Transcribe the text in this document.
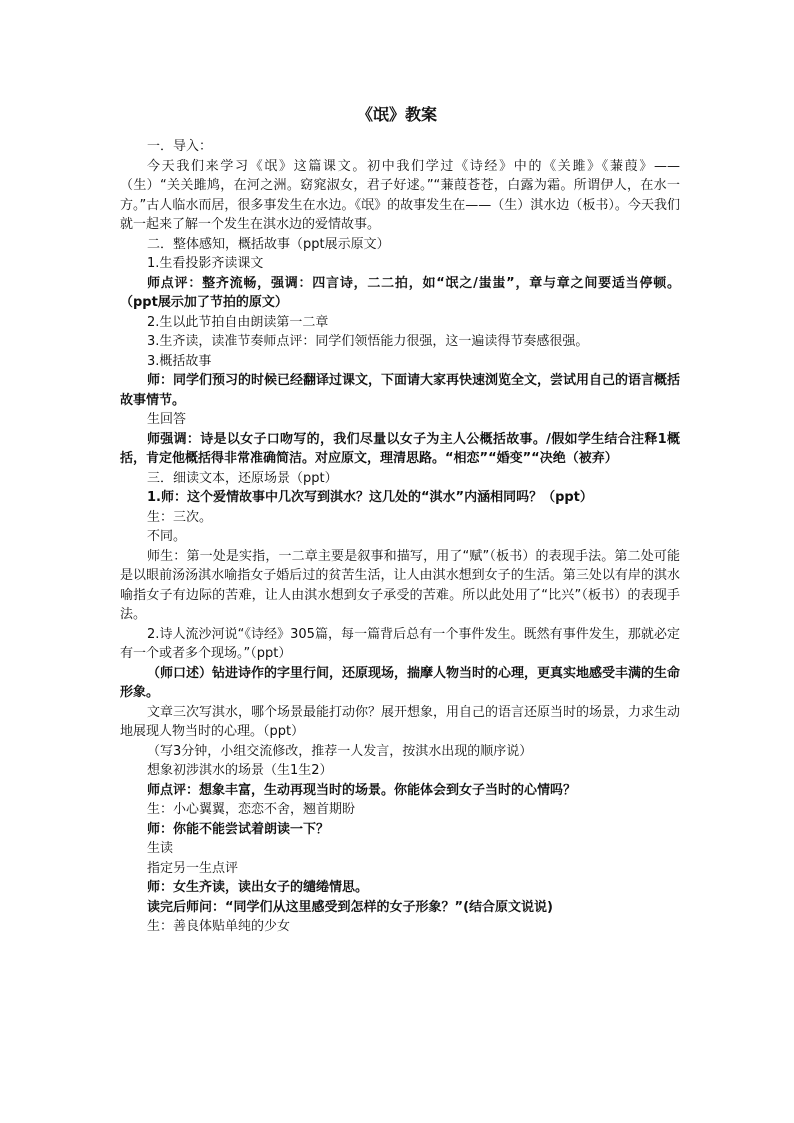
《氓》教案

一．导入：

今天我们来学习《氓》这篇课文。初中我们学过《诗经》中的《关雎》《蒹葭》——（生）“关关雎鸠，在河之洲。窈窕淑女，君子好逑。”“蒹葭苍苍，白露为霜。所谓伊人，在水一方。”古人临水而居，很多事发生在水边。《氓》的故事发生在——（生）淇水边（板书）。今天我们就一起来了解一个发生在淇水边的爱情故事。

二．整体感知，概括故事（ppt展示原文）

1.生看投影齐读课文

师点评：整齐流畅，强调：四言诗，二二拍，如“氓之/蚩蚩”，章与章之间要适当停顿。（ppt展示加了节拍的原文）

2.生以此节拍自由朗读第一二章

3.生齐读，读准节奏师点评：同学们领悟能力很强，这一遍读得节奏感很强。

3.概括故事

师：同学们预习的时候已经翻译过课文，下面请大家再快速浏览全文，尝试用自己的语言概括故事情节。

生回答

师强调：诗是以女子口吻写的，我们尽量以女子为主人公概括故事。/假如学生结合注释1概括，肯定他概括得非常准确简洁。对应原文，理清思路。“相恋”“婚变”“决绝（被弃）

三．细读文本，还原场景（ppt）

1.师：这个爱情故事中几次写到淇水？这几处的“淇水”内涵相同吗？（ppt）

生：三次。

不同。

师生：第一处是实指，一二章主要是叙事和描写，用了“赋”（板书）的表现手法。第二处可能是以眼前汤汤淇水喻指女子婚后过的贫苦生活，让人由淇水想到女子的生活。第三处以有岸的淇水喻指女子有边际的苦难，让人由淇水想到女子承受的苦难。所以此处用了“比兴”（板书）的表现手法。

2.诗人流沙河说“《诗经》305篇，每一篇背后总有一个事件发生。既然有事件发生，那就必定有一个或者多个现场。”（ppt）

（师口述）钻进诗作的字里行间，还原现场，揣摩人物当时的心理，更真实地感受丰满的生命形象。

文章三次写淇水，哪个场景最能打动你？展开想象，用自己的语言还原当时的场景，力求生动地展现人物当时的心理。（ppt）

（写3分钟，小组交流修改，推荐一人发言，按淇水出现的顺序说）

想象初涉淇水的场景（生1生2）

师点评：想象丰富，生动再现当时的场景。你能体会到女子当时的心情吗？

生：小心翼翼，恋恋不舍，翘首期盼

师：你能不能尝试着朗读一下？

生读

指定另一生点评

师：女生齐读，读出女子的缱绻情思。

读完后师问：“同学们从这里感受到怎样的女子形象？”(结合原文说说)

生：善良体贴单纯的少女
